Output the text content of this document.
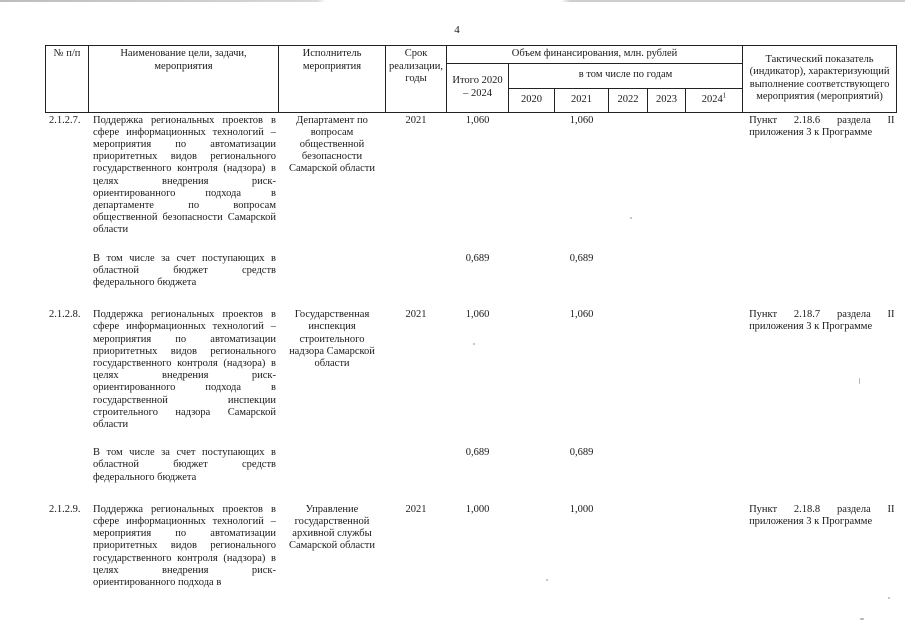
4
№ п/п	Наименование цели, задачи, мероприятия	Исполнитель мероприятия	Срок реализации, годы	Объем финансирования, млн. рублей						Тактический показатель (индикатор), характеризующий выполнение соответствующего мероприятия (мероприятий)
				Итого 2020 – 2024	в том числе по годам					
					2020	2021	2022	2023	2024$^1$
2.1.2.7.	Поддержка региональных проектов в сфере информационных технологий – мероприятия по автоматизации приоритетных видов регионального государственного контроля (надзора) в целях внедрения риск-ориентированного подхода в департаменте по вопросам общественной безопасности Самарской области	Департамент по вопросам общественной безопасности Самарской области	2021	1,060		1,060				Пункт 2.18.6 раздела II приложения 3 к Программе
	В том числе за счет поступающих в областной бюджет средств федерального бюджета			0,689		0,689				

2.1.2.8.	Поддержка региональных проектов в сфере информационных технологий – мероприятия по автоматизации приоритетных видов регионального государственного контроля (надзора) в целях внедрения риск-ориентированного подхода в государственной инспекции строительного надзора Самарской области	Государственная инспекция строительного надзора Самарской области	2021	1,060		1,060				Пункт 2.18.7 раздела II приложения 3 к Программе
	В том числе за счет поступающих в областной бюджет средств федерального бюджета			0,689		0,689				

2.1.2.9.	Поддержка региональных проектов в сфере информационных технологий – мероприятия по автоматизации приоритетных видов регионального государственного контроля (надзора) в целях внедрения риск-ориентированного подхода в	Управление государственной архивной службы Самарской области	2021	1,000		1,000				Пункт 2.18.8 раздела II приложения 3 к Программе
